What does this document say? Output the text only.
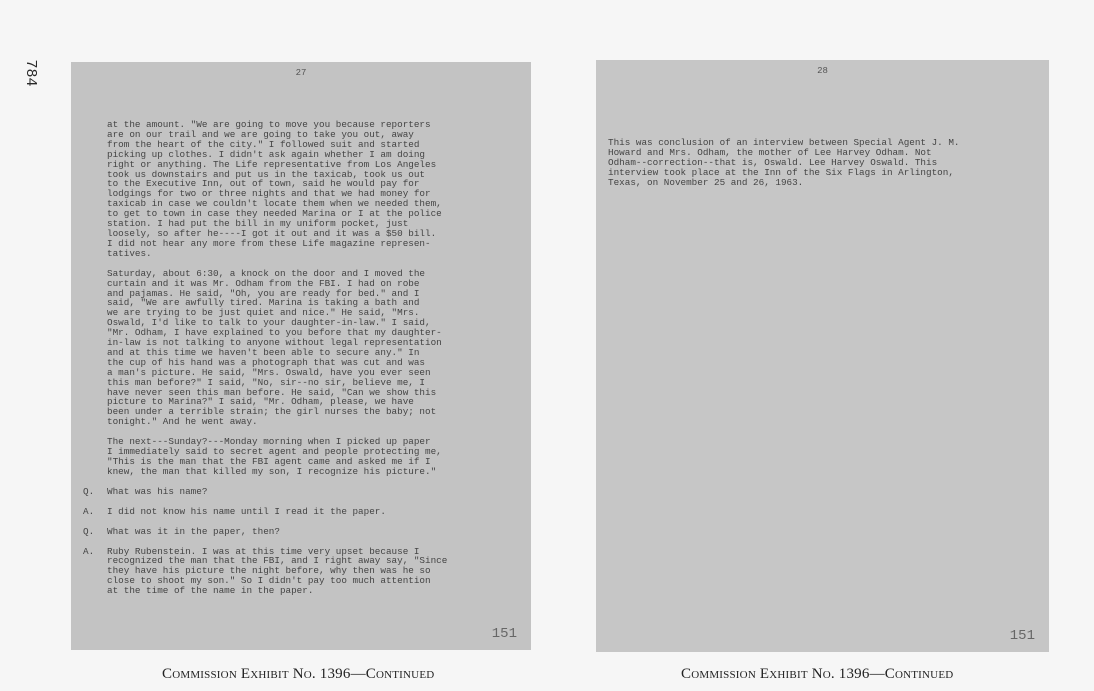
784	27

at the amount. "We are going to move you because reporters
are on our trail and we are going to take you out, away
from the heart of the city." I followed suit and started
picking up clothes. I didn't ask again whether I am doing
right or anything. The Life representative from Los Angeles
took us downstairs and put us in the taxicab, took us out
to the Executive Inn, out of town, said he would pay for
lodgings for two or three nights and that we had money for
taxicab in case we couldn't locate them when we needed them,
to get to town in case they needed Marina or I at the police
station. I had put the bill in my uniform pocket, just
loosely, so after he----I got it out and it was a $50 bill.
I did not hear any more from these Life magazine represen-
tatives.

Saturday, about 6:30, a knock on the door and I moved the
curtain and it was Mr. Odham from the FBI. I had on robe
and pajamas. He said, "Oh, you are ready for bed." and I
said, "We are awfully tired. Marina is taking a bath and
we are trying to be just quiet and nice." He said, "Mrs.
Oswald, I'd like to talk to your daughter-in-law." I said,
"Mr. Odham, I have explained to you before that my daughter-
in-law is not talking to anyone without legal representation
and at this time we haven't been able to secure any." In
the cup of his hand was a photograph that was cut and was
a man's picture. He said, "Mrs. Oswald, have you ever seen
this man before?" I said, "No, sir--no sir, believe me, I
have never seen this man before. He said, "Can we show this
picture to Marina?" I said, "Mr. Odham, please, we have
been under a terrible strain; the girl nurses the baby; not
tonight." And he went away.

The next---Sunday?---Monday morning when I picked up paper
I immediately said to secret agent and people protecting me,
"This is the man that the FBI agent came and asked me if I
knew, the man that killed my son, I recognize his picture."

Q.	What was his name?
A.	I did not know his name until I read it the paper.
Q.	What was it in the paper, then?
A.	Ruby Rubenstein. I was at this time very upset because I
recognized the man that the FBI, and I right away say, "Since
they have his picture the night before, why then was he so
close to shoot my son." So I didn't pay too much attention
at the time of the name in the paper.
151
28
This was conclusion of an interview between Special Agent J. M.
Howard and Mrs. Odham, the mother of Lee Harvey Odham. Not
Odham--correction--that is, Oswald. Lee Harvey Oswald. This
interview took place at the Inn of the Six Flags in Arlington,
Texas, on November 25 and 26, 1963.
151
Commission Exhibit No. 1396—Continued	Commission Exhibit No. 1396—Continued
